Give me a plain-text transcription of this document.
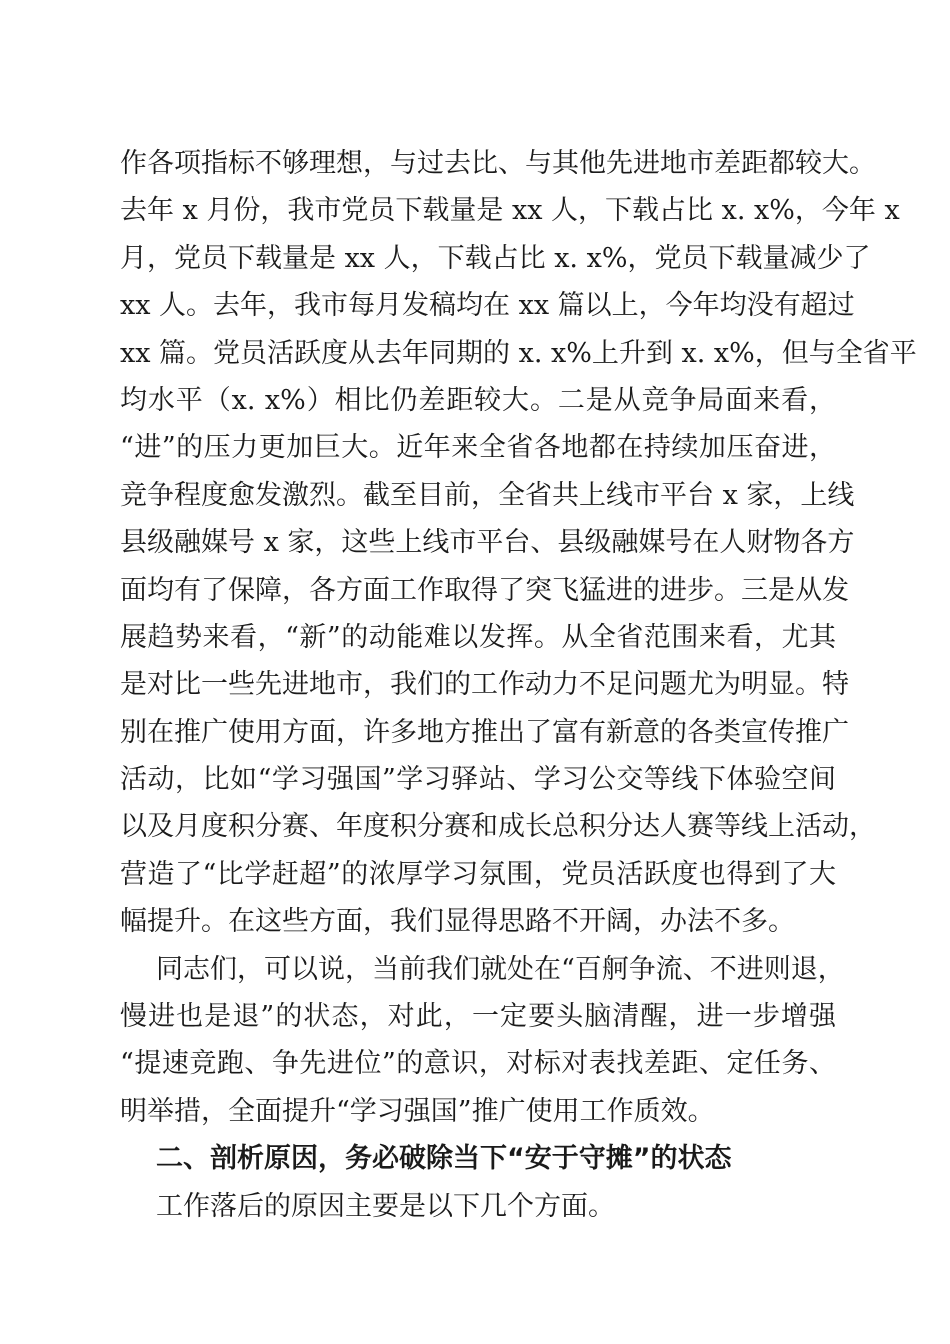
作各项指标不够理想，与过去比、与其他先进地市差距都较大。
去年 x 月份，我市党员下载量是 xx 人，下载占比 x. x%，今年 x
月，党员下载量是 xx 人，下载占比 x. x%，党员下载量减少了
xx 人。去年，我市每月发稿均在 xx 篇以上，今年均没有超过
xx 篇。党员活跃度从去年同期的 x. x%上升到 x. x%，但与全省平
均水平（x. x%）相比仍差距较大。二是从竞争局面来看，
“进”的压力更加巨大。近年来全省各地都在持续加压奋进，
竞争程度愈发激烈。截至目前，全省共上线市平台 x 家，上线
县级融媒号 x 家，这些上线市平台、县级融媒号在人财物各方
面均有了保障，各方面工作取得了突飞猛进的进步。三是从发
展趋势来看，“新”的动能难以发挥。从全省范围来看，尤其
是对比一些先进地市，我们的工作动力不足问题尤为明显。特
别在推广使用方面，许多地方推出了富有新意的各类宣传推广
活动，比如“学习强国”学习驿站、学习公交等线下体验空间
以及月度积分赛、年度积分赛和成长总积分达人赛等线上活动，
营造了“比学赶超”的浓厚学习氛围，党员活跃度也得到了大
幅提升。在这些方面，我们显得思路不开阔，办法不多。
同志们，可以说，当前我们就处在“百舸争流、不进则退，
慢进也是退”的状态，对此，一定要头脑清醒，进一步增强
“提速竞跑、争先进位”的意识，对标对表找差距、定任务、
明举措，全面提升“学习强国”推广使用工作质效。
二、剖析原因，务必破除当下“安于守摊”的状态
工作落后的原因主要是以下几个方面。
